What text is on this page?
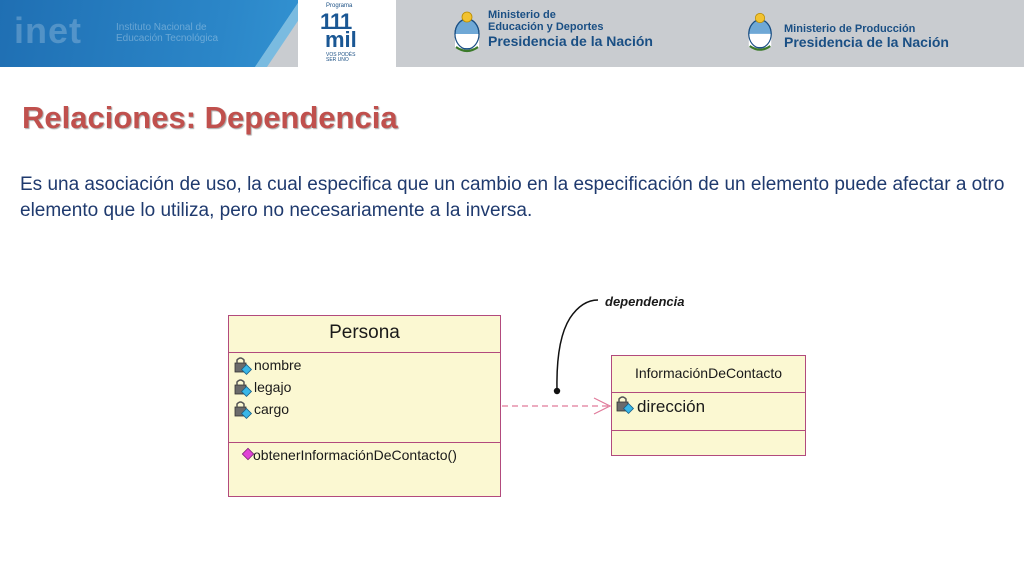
inet	Instituto Nacional de
Educación Tecnológica
Programa
111
mil
VOS PODÉS
SER UNO
Ministerio de
Educación y Deportes
Presidencia de la Nación
Ministerio de Producción
Presidencia de la Nación
Relaciones: Dependencia
Es una asociación de uso, la cual especifica que un cambio en la especificación de un elemento puede afectar a otro elemento que lo utiliza, pero no necesariamente a la inversa.
Persona
nombre
legajo
cargo
obtenerInformaciónDeContacto()
InformaciónDeContacto
dirección
dependencia
